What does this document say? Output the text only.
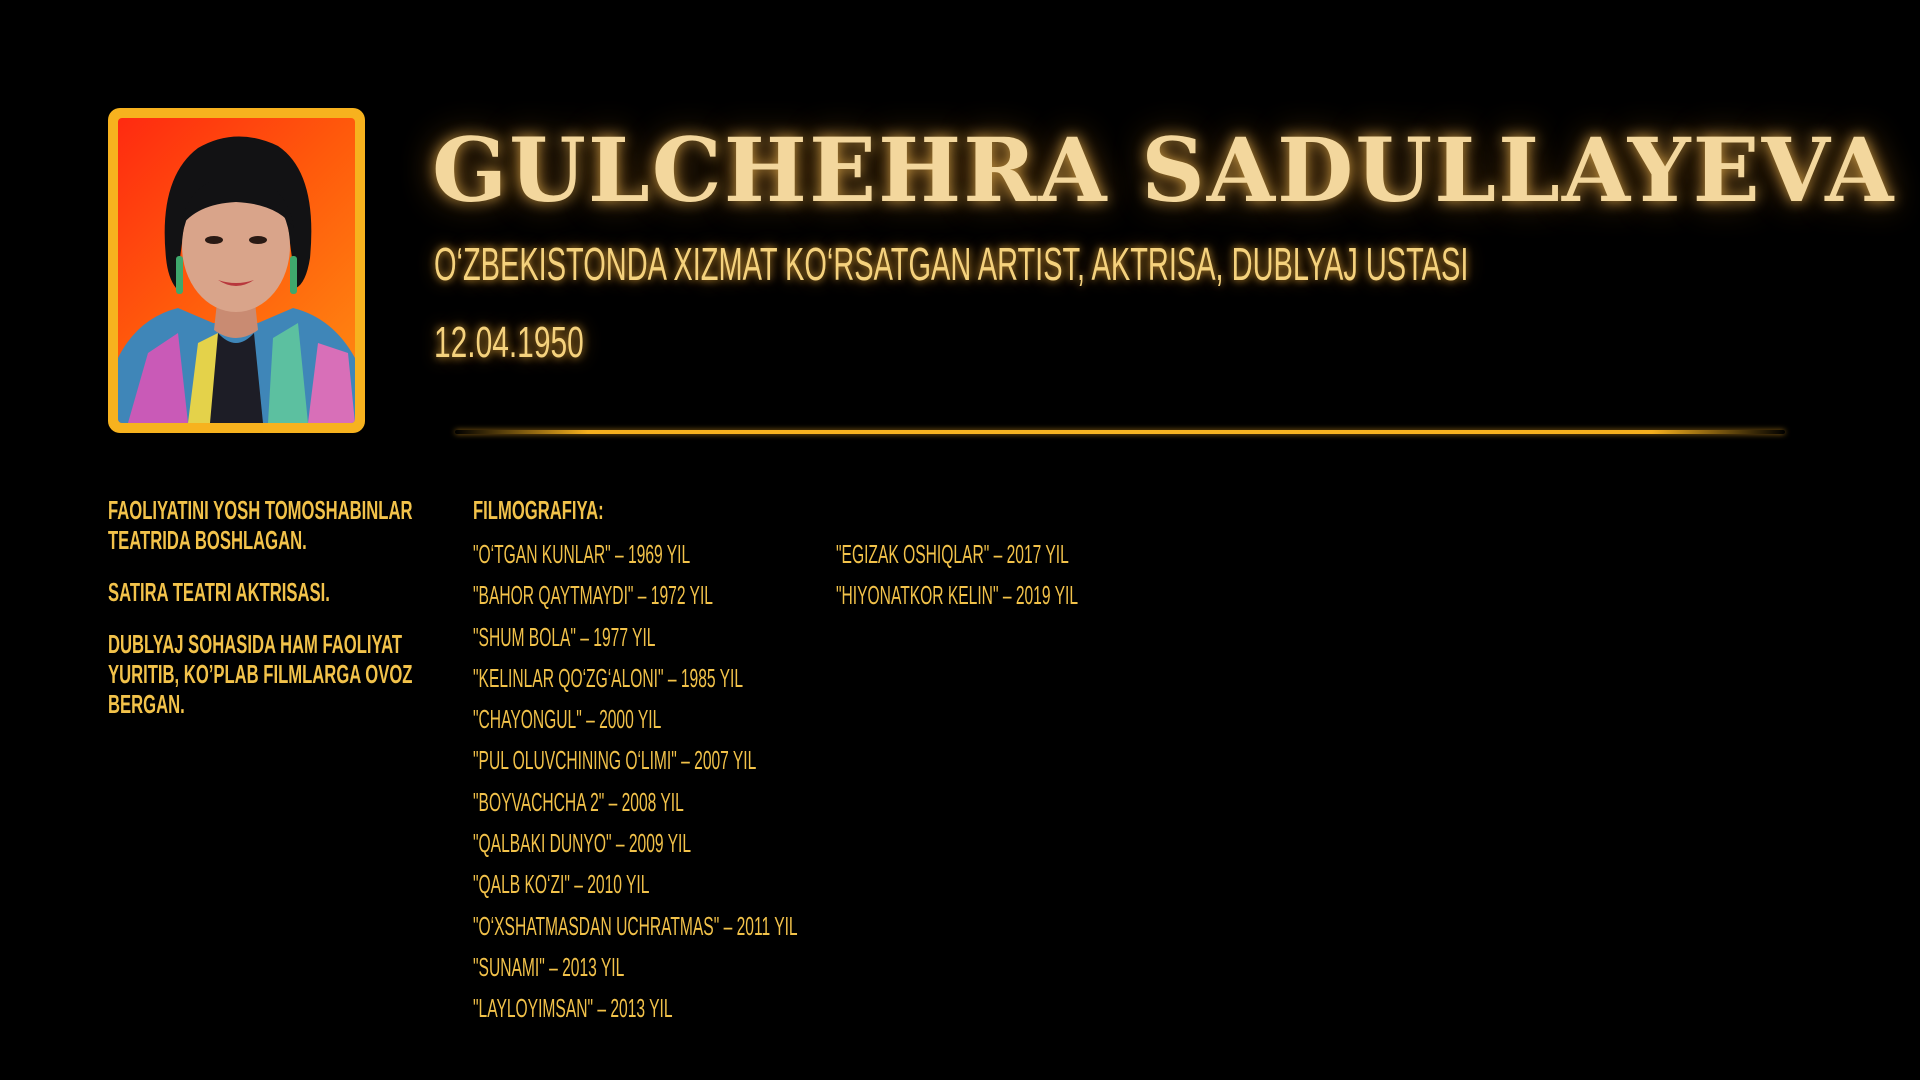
GULCHEHRA SADULLAYEVA

O‘ZBEKISTONDA XIZMAT KO‘RSATGAN ARTIST, AKTRISA, DUBLYAJ USTASI

12.04.1950

FAOLIYATINI YOSH TOMOSHABINLAR TEATRIDA BOSHLAGAN.

SATIRA TEATRI AKTRISASI.

DUBLYAJ SOHASIDA HAM FAOLIYAT YURITIB, KO’PLAB FILMLARGA OVOZ BERGAN.

FILMOGRAFIYA:

"O‘TGAN KUNLAR" – 1969 YIL
"BAHOR QAYTMAYDI" – 1972 YIL
"SHUM BOLA" – 1977 YIL
"KELINLAR QO‘ZG‘ALONI" – 1985 YIL
"CHAYONGUL" – 2000 YIL
"PUL OLUVCHINING O‘LIMI" – 2007 YIL
"BOYVACHCHA 2" – 2008 YIL
"QALBAKI DUNYO" – 2009 YIL
"QALB KO‘ZI" – 2010 YIL
"O‘XSHATMASDAN UCHRATMAS" – 2011 YIL
"SUNAMI" – 2013 YIL
"LAYLOYIMSAN" – 2013 YIL
"EGIZAK OSHIQLAR" – 2017 YIL
"HIYONATKOR KELIN" – 2019 YIL
